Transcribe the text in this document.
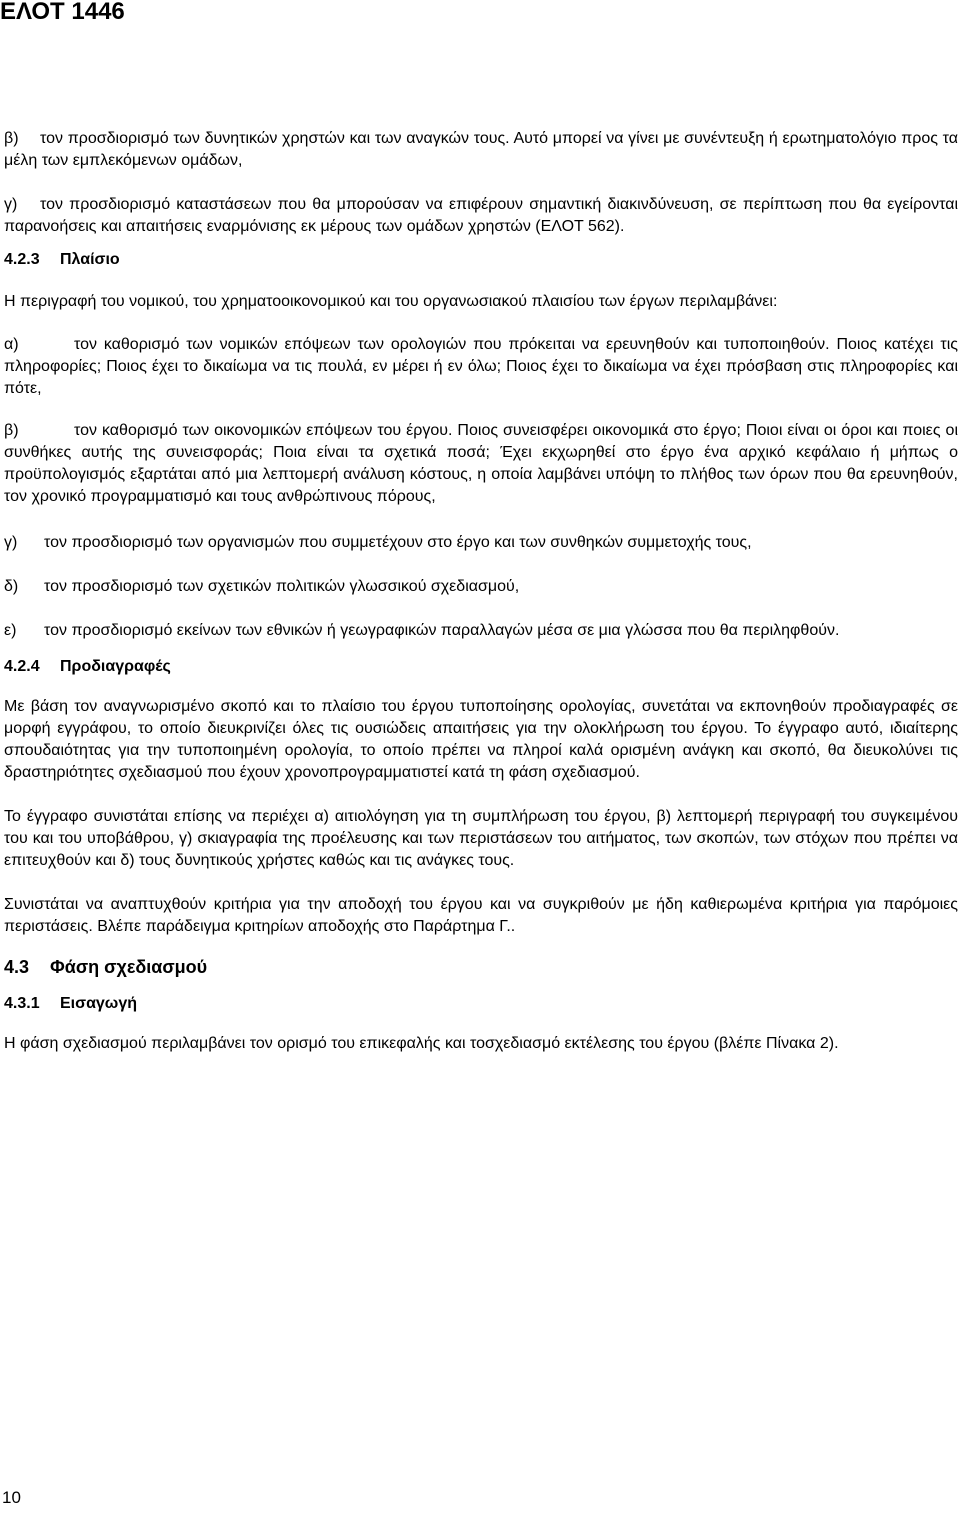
ΕΛΟΤ 1446
β)	τον προσδιορισμό των δυνητικών χρηστών και των αναγκών τους. Αυτό μπορεί να γίνει με συνέντευξη ή ερωτηματολόγιο προς τα μέλη των εμπλεκόμενων ομάδων,
γ)	τον προσδιορισμό καταστάσεων που θα μπορούσαν να επιφέρουν σημαντική διακινδύνευση, σε περίπτωση που θα εγείρονται παρανοήσεις και απαιτήσεις εναρμόνισης εκ μέρους των ομάδων χρηστών (ΕΛΟΤ 562).
4.2.3 Πλαίσιο

Η περιγραφή του νομικού, του χρηματοοικονομικού και του οργανωσιακού πλαισίου των έργων περιλαμβάνει:

α)	τον καθορισμό των νομικών επόψεων των ορολογιών που πρόκειται να ερευνηθούν και τυποποιηθούν. Ποιος κατέχει τις πληροφορίες; Ποιος έχει το δικαίωμα να τις πουλά, εν μέρει ή εν όλω; Ποιος έχει το δικαίωμα να έχει πρόσβαση στις πληροφορίες και πότε,
β)	τον καθορισμό των οικονομικών επόψεων του έργου. Ποιος συνεισφέρει οικονομικά στο έργο; Ποιοι είναι οι όροι και ποιες οι συνθήκες αυτής της συνεισφοράς; Ποια είναι τα σχετικά ποσά; Έχει εκχωρηθεί στο έργο ένα αρχικό κεφάλαιο ή μήπως ο προϋπολογισμός εξαρτάται από μια λεπτομερή ανάλυση κόστους, η οποία λαμβάνει υπόψη το πλήθος των όρων που θα ερευνηθούν, τον χρονικό προγραμματισμό και τους ανθρώπινους πόρους,
γ)	τον προσδιορισμό των οργανισμών που συμμετέχουν στο έργο και των συνθηκών συμμετοχής τους,
δ)	τον προσδιορισμό των σχετικών πολιτικών γλωσσικού σχεδιασμού,
ε)	τον προσδιορισμό εκείνων των εθνικών ή γεωγραφικών παραλλαγών μέσα σε μια γλώσσα που θα περιληφθούν.
4.2.4 Προδιαγραφές

Με βάση τον αναγνωρισμένο σκοπό και το πλαίσιο του έργου τυποποίησης ορολογίας, συνετάται να εκπονηθούν προδιαγραφές σε μορφή εγγράφου, το οποίο διευκρινίζει όλες τις ουσιώδεις απαιτήσεις για την ολοκλήρωση του έργου. Το έγγραφο αυτό, ιδιαίτερης σπουδαιότητας για την τυποποιημένη ορολογία, το οποίο πρέπει να πληροί καλά ορισμένη ανάγκη και σκοπό, θα διευκολύνει τις δραστηριότητες σχεδιασμού που έχουν χρονοπρογραμματιστεί κατά τη φάση σχεδιασμού.

Το έγγραφο συνιστάται επίσης να περιέχει α) αιτιολόγηση για τη συμπλήρωση του έργου, β) λεπτομερή περιγραφή του συγκειμένου του και του υποβάθρου, γ) σκιαγραφία της προέλευσης και των περιστάσεων του αιτήματος, των σκοπών, των στόχων που πρέπει να επιτευχθούν και δ) τους δυνητικούς χρήστες καθώς και τις ανάγκες τους.

Συνιστάται να αναπτυχθούν κριτήρια για την αποδοχή του έργου και να συγκριθούν με ήδη καθιερωμένα κριτήρια για παρόμοιες περιστάσεις. Βλέπε παράδειγμα κριτηρίων αποδοχής στο Παράρτημα Γ..

4.3 Φάση σχεδιασμού
4.3.1 Εισαγωγή

Η φάση σχεδιασμού περιλαμβάνει τον ορισμό του επικεφαλής και τοσχεδιασμό εκτέλεσης του έργου (βλέπε Πίνακα 2).

10
